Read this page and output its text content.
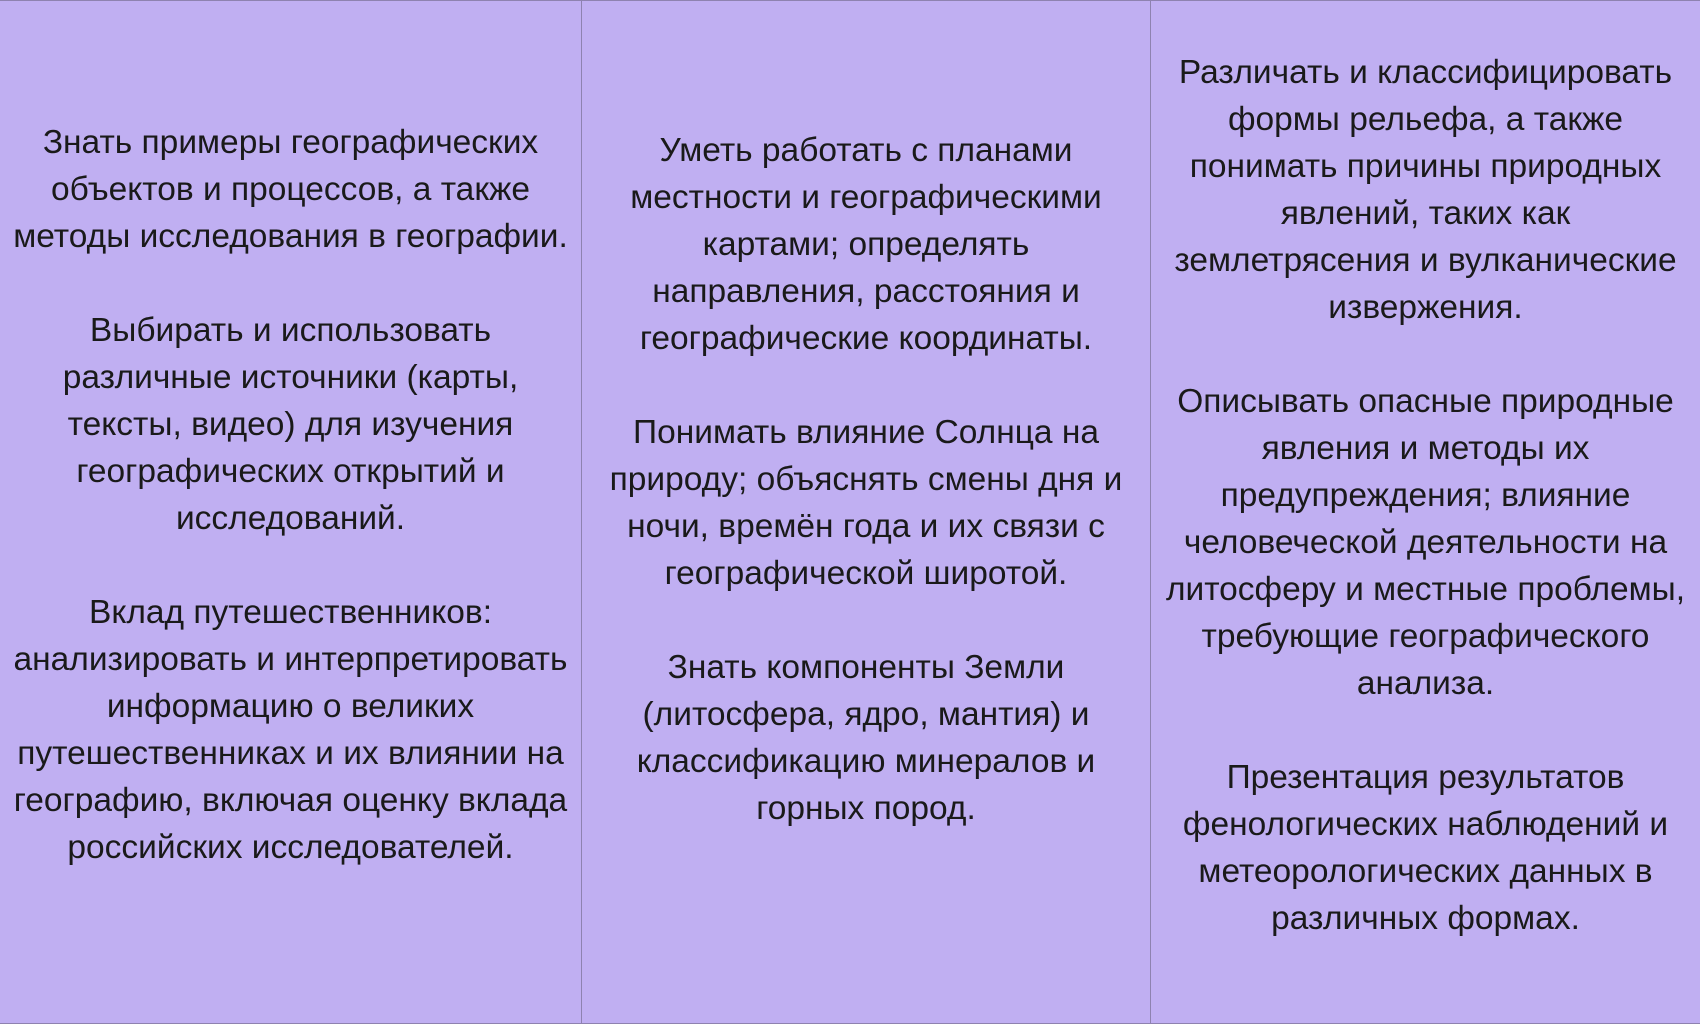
Знать примеры географических объектов и процессов, а также методы исследования в географии.

Выбирать и использовать различные источники (карты, тексты, видео) для изучения географических открытий и исследований.

Вклад путешественников: анализировать и интерпретировать информацию о великих путешественниках и их влиянии на географию, включая оценку вклада российских исследователей.

Уметь работать с планами местности и географическими картами; определять направления, расстояния и географические координаты.

Понимать влияние Солнца на природу; объяснять смены дня и ночи, времён года и их связи с географической широтой.

Знать компоненты Земли (литосфера, ядро, мантия) и классификацию минералов и горных пород.

Различать и классифицировать формы рельефа, а также понимать причины природных явлений, таких как землетрясения и вулканические извержения.

Описывать опасные природные явления и методы их предупреждения; влияние человеческой деятельности на литосферу и местные проблемы, требующие географического анализа.

Презентация результатов фенологических наблюдений и метеорологических данных в различных формах.
